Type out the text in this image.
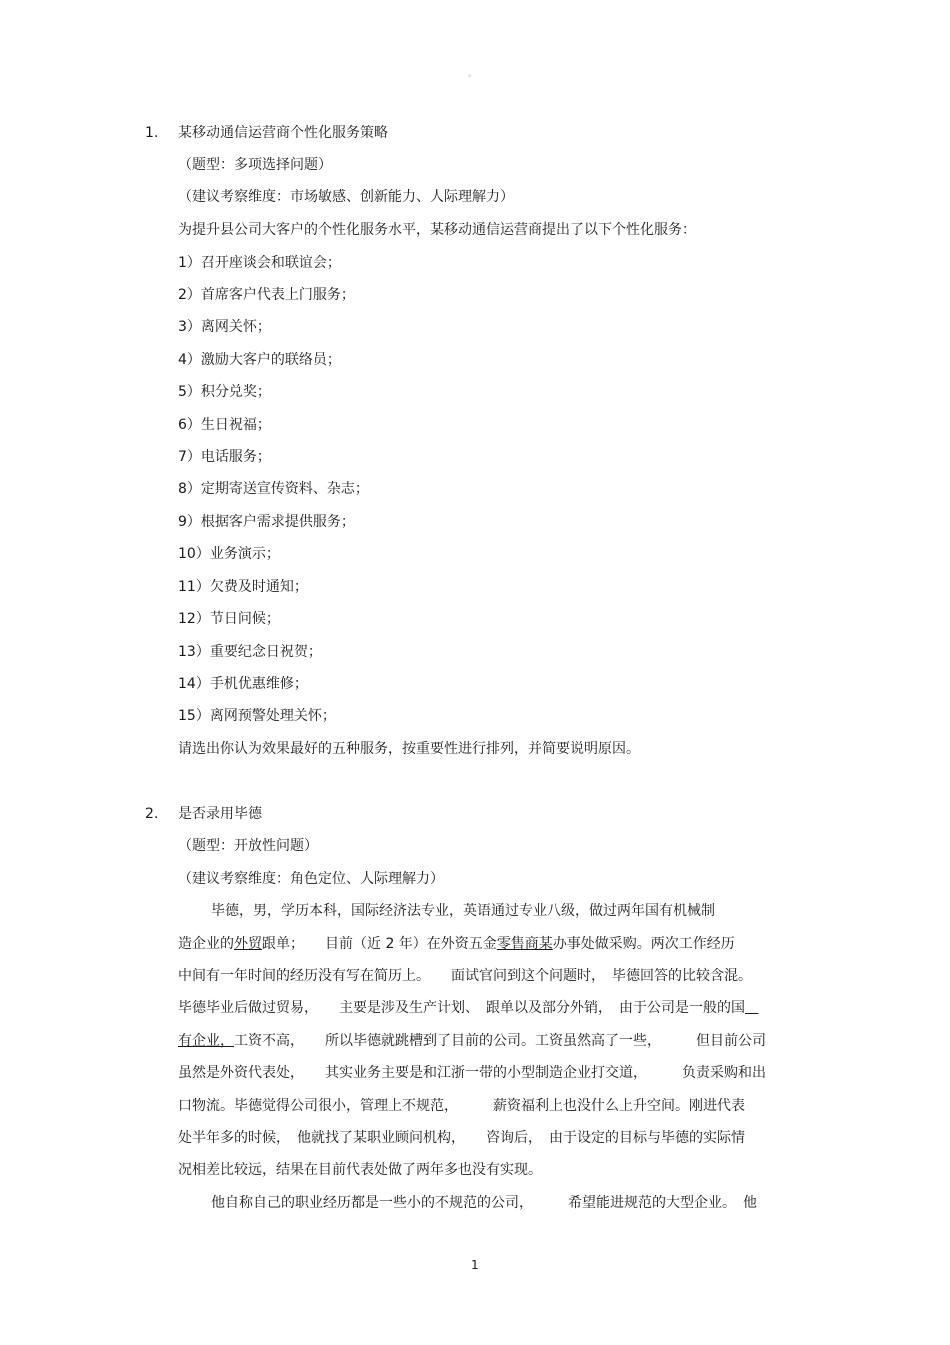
。
1. 某移动通信运营商个性化服务策略
（题型：多项选择问题）
（建议考察维度：市场敏感、创新能力、人际理解力）
为提升县公司大客户的个性化服务水平，某移动通信运营商提出了以下个性化服务：
1）召开座谈会和联谊会；
2）首席客户代表上门服务；
3）离网关怀；
4）激励大客户的联络员；
5）积分兑奖；
6）生日祝福；
7）电话服务；
8）定期寄送宣传资料、杂志；
9）根据客户需求提供服务；
10）业务演示；
11）欠费及时通知；
12）节日问候；
13）重要纪念日祝贺；
14）手机优惠维修；
15）离网预警处理关怀；
请选出你认为效果最好的五种服务，按重要性进行排列，并简要说明原因。
2. 是否录用毕德
（题型：开放性问题）
（建议考察维度：角色定位、人际理解力）
毕德，男，学历本科，国际经济法专业，英语通过专业八级，做过两年国有机械制
造企业的外贸跟单；　　目前（近 2 年）在外资五金零售商某办事处做采购。两次工作经历
中间有一年时间的经历没有写在简历上。　　面试官问到这个问题时，　毕德回答的比较含混。
毕德毕业后做过贸易，　　主要是涉及生产计划、　跟单以及部分外销，　由于公司是一般的国
有企业，工资不高，　　所以毕德就跳槽到了目前的公司。工资虽然高了一些，　　　但目前公司
虽然是外资代表处，　　其实业务主要是和江浙一带的小型制造企业打交道，　　　负责采购和出
口物流。毕德觉得公司很小，管理上不规范，　　　薪资福利上也没什么上升空间。刚进代表
处半年多的时候，　他就找了某职业顾问机构，　　咨询后，　由于设定的目标与毕德的实际情
况相差比较远，结果在目前代表处做了两年多也没有实现。
他自称自己的职业经历都是一些小的不规范的公司，　　　希望能进规范的大型企业。　他
1
